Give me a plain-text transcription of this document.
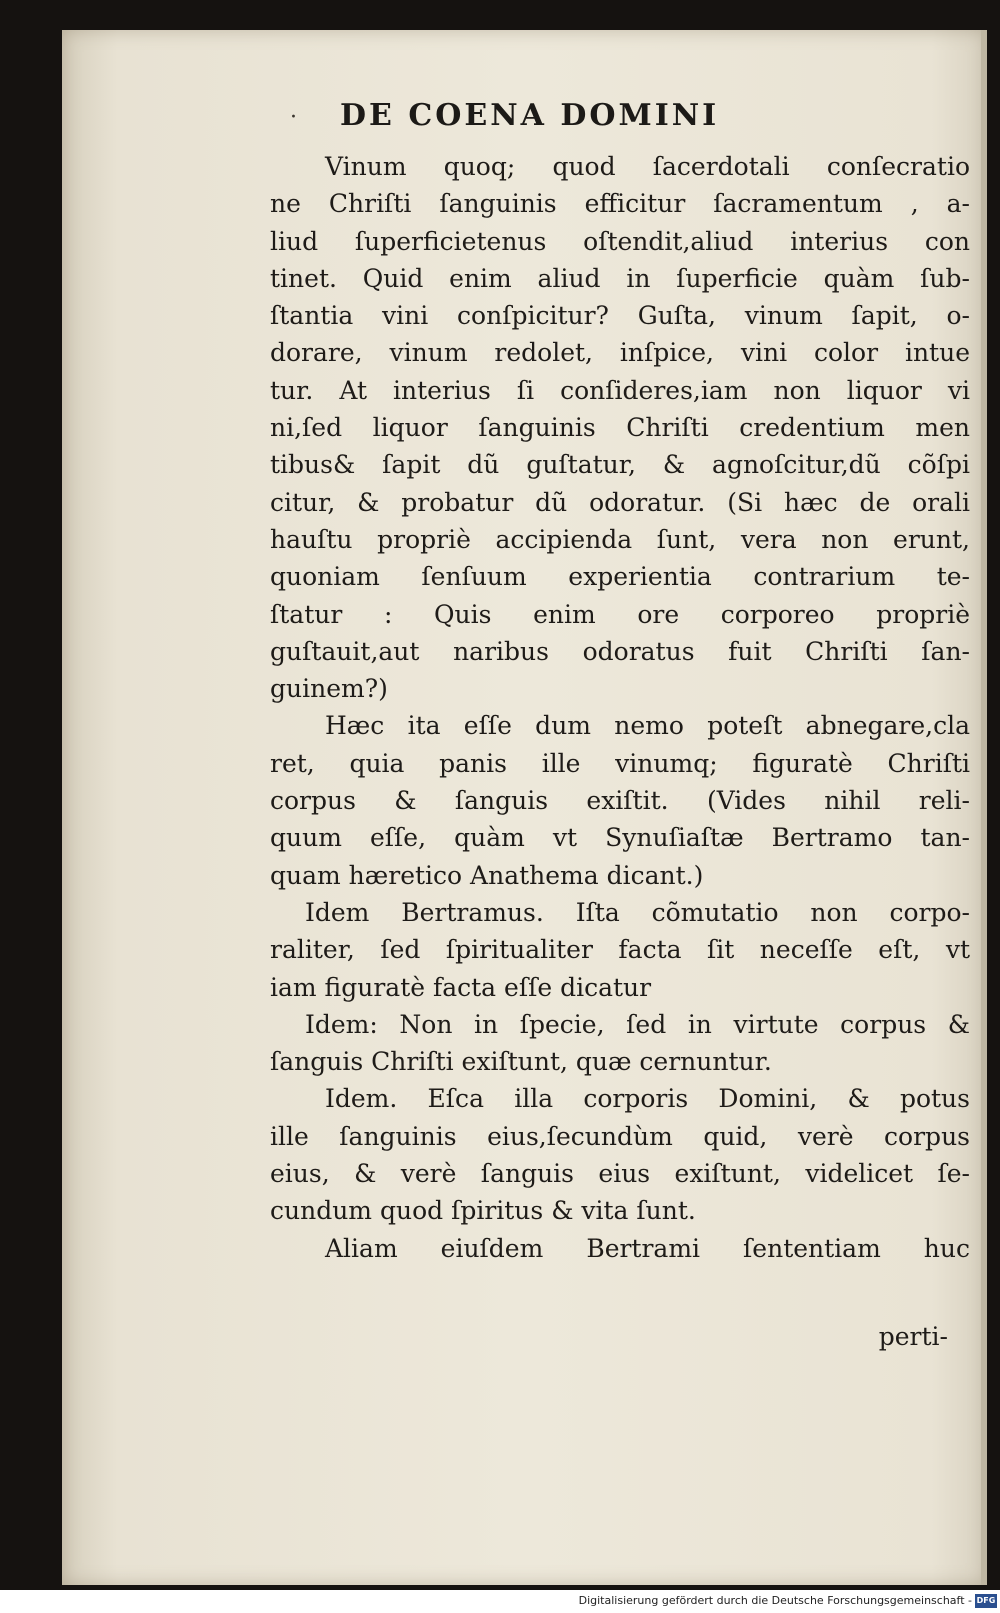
· DE COENA DOMINI
Vinum quoq; quod ſacerdotali conſecratio
ne Chriſti ſanguinis efficitur ſacramentum , a-
liud ſuperficietenus oſtendit,aliud interius con
tinet. Quid enim aliud in ſuperficie quàm ſub-
ſtantia vini conſpicitur? Guſta, vinum ſapit, o-
dorare, vinum redolet, inſpice, vini color intue
tur. At interius ſi conſideres,iam non liquor vi
ni,ſed liquor ſanguinis Chriſti credentium men
tibus& ſapit dũ guſtatur, & agnoſcitur,dũ cõſpi
citur, & probatur dũ odoratur. (Si hæc de orali
hauſtu propriè accipienda ſunt, vera non erunt,
quoniam ſenſuum experientia contrarium te-
ſtatur : Quis enim ore corporeo propriè
guſtauit,aut naribus odoratus fuit Chriſti ſan-
guinem?)
Hæc ita eſſe dum nemo poteſt abnegare,cla
ret, quia panis ille vinumq; figuratè Chriſti
corpus & ſanguis exiſtit. (Vides nihil reli-
quum eſſe, quàm vt Synuſiaſtæ Bertramo tan-
quam hæretico Anathema dicant.)
Idem Bertramus. Iſta cõmutatio non corpo-
raliter, ſed ſpiritualiter facta ſit neceſſe eſt, vt
iam figuratè facta eſſe dicatur
Idem: Non in ſpecie, ſed in virtute corpus &
ſanguis Chriſti exiſtunt, quæ cernuntur.
Idem. Eſca illa corporis Domini, & potus
ille ſanguinis eius,ſecundùm quid, verè corpus
eius, & verè ſanguis eius exiſtunt, videlicet ſe-
cundum quod ſpiritus & vita ſunt.
Aliam eiuſdem Bertrami ſententiam huc
perti-
Digitalisierung gefördert durch die Deutsche Forschungsgemeinschaft - DFG
